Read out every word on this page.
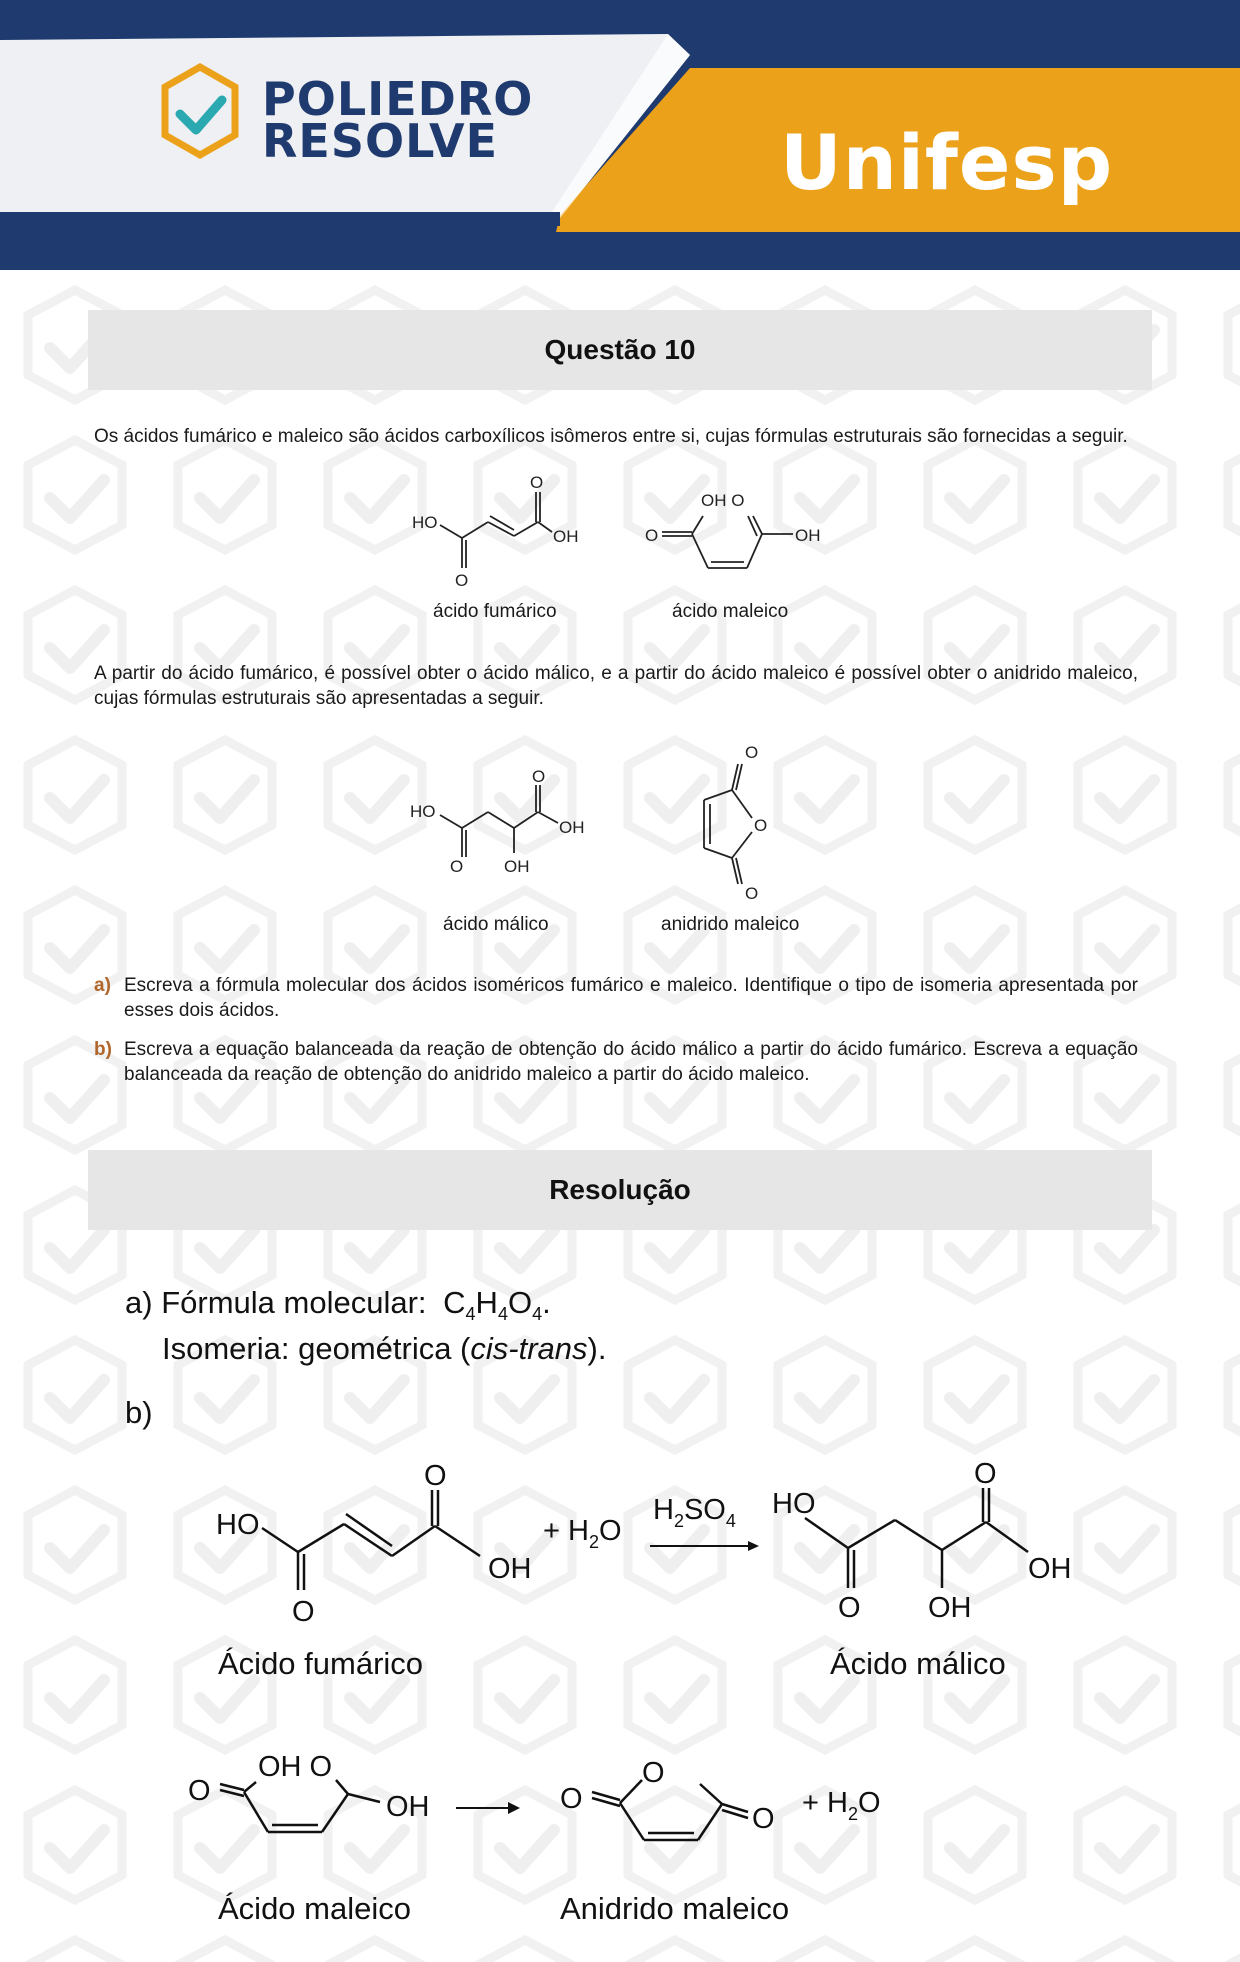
POLIEDRO
RESOLVE	Unifesp
Questão 10
Os ácidos fumárico e maleico são ácidos carboxílicos isômeros entre si, cujas fórmulas estruturais são fornecidas a seguir.
HO
O
O
OH
ácido fumárico
OH O
O	OH
ácido maleico
A partir do ácido fumárico, é possível obter o ácido málico, e a partir do ácido maleico é possível obter o anidrido maleico, cujas fórmulas estruturais são apresentadas a seguir.
HO
O
O
OH
OH
ácido málico
O
O
O
anidrido maleico
a) Escreva a fórmula molecular dos ácidos isoméricos fumárico e maleico. Identifique o tipo de isomeria apresentada por esses dois ácidos.
b) Escreva a equação balanceada da reação de obtenção do ácido málico a partir do ácido fumárico. Escreva a equação balanceada da reação de obtenção do anidrido maleico a partir do ácido maleico.
Resolução
a) Fórmula molecular: $C_4H_4O_4$.
Isomeria: geométrica (cis-trans).
b)
HO
O
O
OH
+ $H_2O$
$H_2SO_4$
HO
O
O OH
OH
Ácido fumárico	Ácido málico
O
OH O
OH	O
O
$O + H_2O$
Ácido maleico	Anidrido maleico
